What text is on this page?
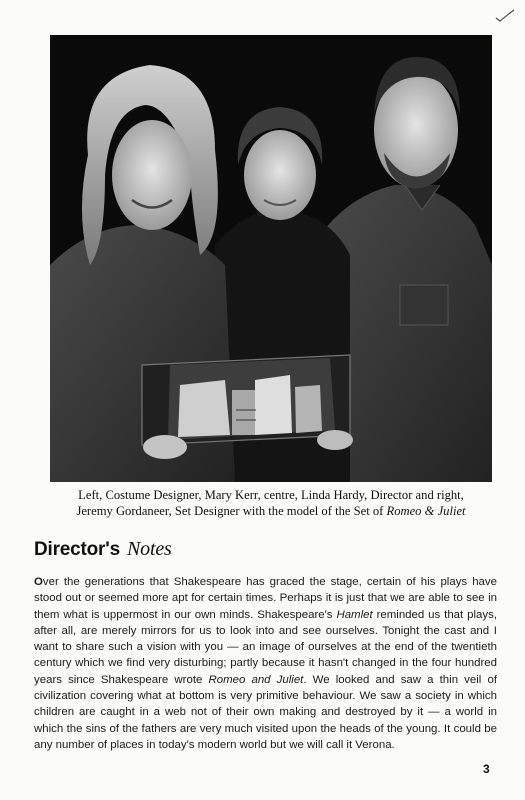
Left, Costume Designer, Mary Kerr, centre, Linda Hardy, Director and right,
Jeremy Gordaneer, Set Designer with the model of the Set of Romeo & Juliet
Director's Notes

Over the generations that Shakespeare has graced the stage, certain of his plays have stood out or seemed more apt for certain times. Perhaps it is just that we are able to see in them what is uppermost in our own minds. Shakespeare's Hamlet reminded us that plays, after all, are merely mirrors for us to look into and see ourselves. Tonight the cast and I want to share such a vision with you — an image of ourselves at the end of the twentieth century which we find very disturbing; partly because it hasn't changed in the four hundred years since Shakespeare wrote Romeo and Juliet. We looked and saw a thin veil of civilization covering what at bottom is very primitive behaviour. We saw a society in which children are caught in a web not of their own making and destroyed by it — a world in which the sins of the fathers are very much visited upon the heads of the young. It could be any number of places in today's modern world but we will call it Verona.

3
